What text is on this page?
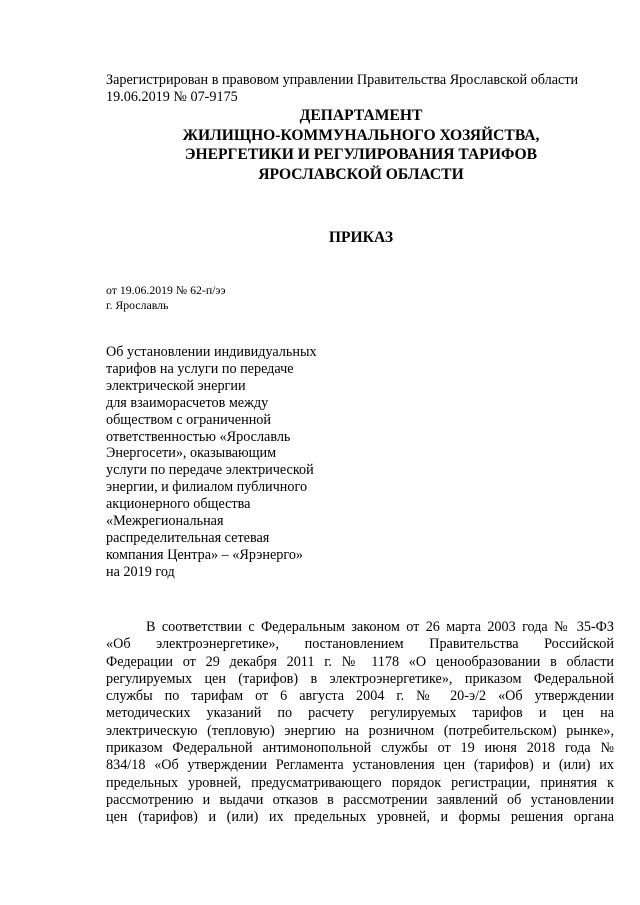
Зарегистрирован в правовом управлении Правительства Ярославской области
19.06.2019 № 07-9175
ДЕПАРТАМЕНТ
ЖИЛИЩНО-КОММУНАЛЬНОГО ХОЗЯЙСТВА,
ЭНЕРГЕТИКИ И РЕГУЛИРОВАНИЯ ТАРИФОВ
ЯРОСЛАВСКОЙ ОБЛАСТИ
ПРИКАЗ
от 19.06.2019 № 62-п/ээ
г. Ярославль
Об установлении индивидуальных
тарифов на услуги по передаче
электрической энергии
для взаиморасчетов между
обществом с ограниченной
ответственностью «Ярославль
Энергосети», оказывающим
услуги по передаче электрической
энергии, и филиалом публичного
акционерного общества
«Межрегиональная
распределительная сетевая
компания Центра» – «Ярэнерго»
на 2019 год
В соответствии с Федеральным законом от 26 марта 2003 года № 35-ФЗ
«Об электроэнергетике», постановлением Правительства Российской
Федерации от 29 декабря 2011 г. № 1178 «О ценообразовании в области
регулируемых цен (тарифов) в электроэнергетике», приказом Федеральной
службы по тарифам от 6 августа 2004 г. № 20-э/2 «Об утверждении
методических указаний по расчету регулируемых тарифов и цен на
электрическую (тепловую) энергию на розничном (потребительском) рынке»,
приказом Федеральной антимонопольной службы от 19 июня 2018 года №
834/18 «Об утверждении Регламента установления цен (тарифов) и (или) их
предельных уровней, предусматривающего порядок регистрации, принятия к
рассмотрению и выдачи отказов в рассмотрении заявлений об установлении
цен (тарифов) и (или) их предельных уровней, и формы решения органа
